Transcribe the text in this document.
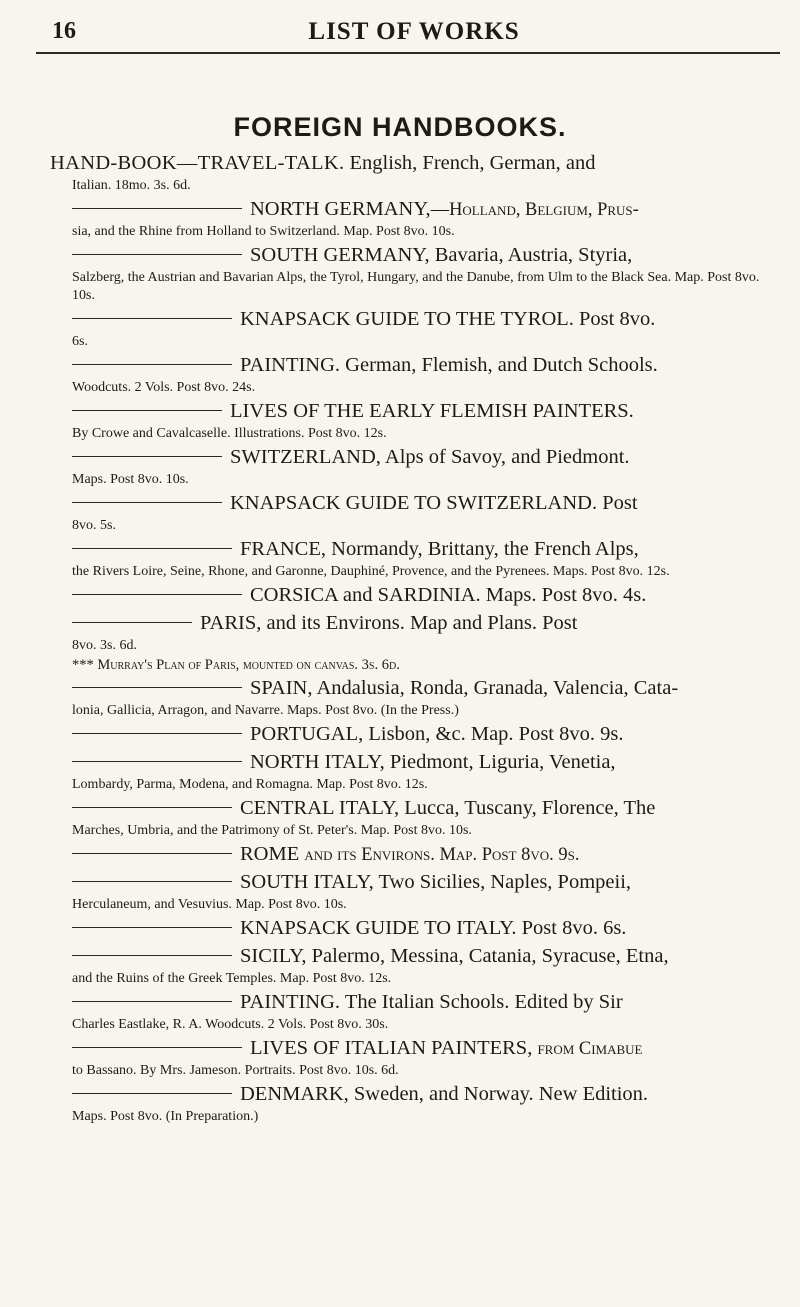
16	LIST OF WORKS
FOREIGN HANDBOOKS.
HAND-BOOK—TRAVEL-TALK. English, French, German, and
Italian. 18mo. 3s. 6d.
NORTH GERMANY,—Holland, Belgium, Prus-
sia, and the Rhine from Holland to Switzerland. Map. Post 8vo. 10s.
SOUTH GERMANY, Bavaria, Austria, Styria,
Salzberg, the Austrian and Bavarian Alps, the Tyrol, Hungary, and the Danube, from Ulm to the Black Sea. Map. Post 8vo. 10s.
KNAPSACK GUIDE TO THE TYROL. Post 8vo.
6s.
PAINTING. German, Flemish, and Dutch Schools.
Woodcuts. 2 Vols. Post 8vo. 24s.
LIVES OF THE EARLY FLEMISH PAINTERS.
By Crowe and Cavalcaselle. Illustrations. Post 8vo. 12s.
SWITZERLAND, Alps of Savoy, and Piedmont.
Maps. Post 8vo. 10s.
KNAPSACK GUIDE TO SWITZERLAND. Post
8vo. 5s.
FRANCE, Normandy, Brittany, the French Alps,
the Rivers Loire, Seine, Rhone, and Garonne, Dauphiné, Provence, and the Pyrenees. Maps. Post 8vo. 12s.
CORSICA and SARDINIA. Maps. Post 8vo. 4s.
PARIS, and its Environs. Map and Plans. Post
8vo. 3s. 6d.
*** Murray's Plan of Paris, mounted on canvas. 3s. 6d.
SPAIN, Andalusia, Ronda, Granada, Valencia, Cata-
lonia, Gallicia, Arragon, and Navarre. Maps. Post 8vo. (In the Press.)
PORTUGAL, Lisbon, &c. Map. Post 8vo. 9s.
NORTH ITALY, Piedmont, Liguria, Venetia,
Lombardy, Parma, Modena, and Romagna. Map. Post 8vo. 12s.
CENTRAL ITALY, Lucca, Tuscany, Florence, The
Marches, Umbria, and the Patrimony of St. Peter's. Map. Post 8vo. 10s.
ROME and its Environs. Map. Post 8vo. 9s.
SOUTH ITALY, Two Sicilies, Naples, Pompeii,
Herculaneum, and Vesuvius. Map. Post 8vo. 10s.
KNAPSACK GUIDE TO ITALY. Post 8vo. 6s.
SICILY, Palermo, Messina, Catania, Syracuse, Etna,
and the Ruins of the Greek Temples. Map. Post 8vo. 12s.
PAINTING. The Italian Schools. Edited by Sir
Charles Eastlake, R. A. Woodcuts. 2 Vols. Post 8vo. 30s.
LIVES OF ITALIAN PAINTERS, from Cimabue
to Bassano. By Mrs. Jameson. Portraits. Post 8vo. 10s. 6d.
DENMARK, Sweden, and Norway. New Edition.
Maps. Post 8vo. (In Preparation.)
